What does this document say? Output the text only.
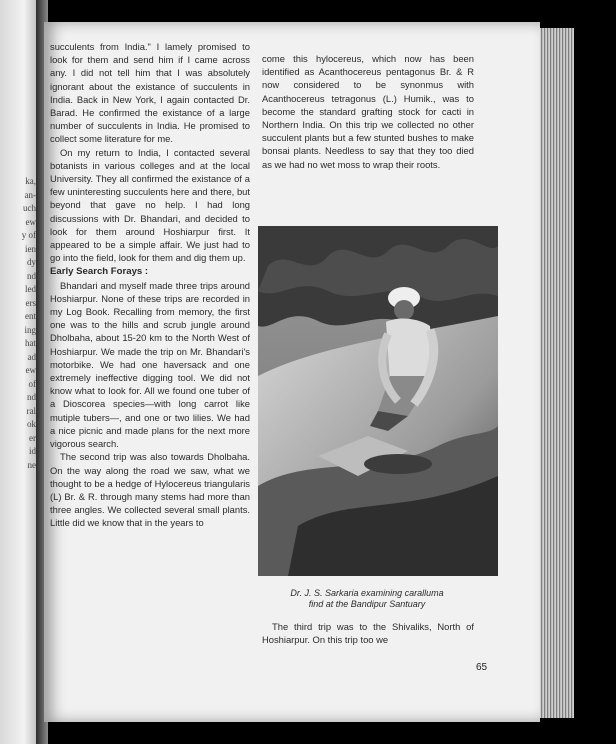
ka,
an-
uch
ew
y of
ien
dy
nd
led
ers
ent
ing
hat
ad
ew
of
nd
ral
ok
er
id
ne

succulents from India." I lamely promised to look for them and send him if I came across any. I did not tell him that I was absolutely ignorant about the existance of succulents in India. Back in New York, I again contacted Dr. Barad. He confirmed the existance of a large number of succulents in India. He promised to collect some literature for me.

On my return to India, I contacted several botanists in various colleges and at the local University. They all confirmed the existance of a few uninteresting succulents here and there, but beyond that gave no help. I had long discussions with Dr. Bhandari, and decided to look for them around Hoshiarpur first. It appeared to be a simple affair. We just had to go into the field, look for them and dig them up.

Early Search Forays :

Bhandari and myself made three trips around Hoshiarpur. None of these trips are recorded in my Log Book. Recalling from memory, the first one was to the hills and scrub jungle around Dholbaha, about 15-20 km to the North West of Hoshiarpur. We made the trip on Mr. Bhandari's motorbike. We had one haversack and one extremely ineffective digging tool. We did not know what to look for. All we found one tuber of a Dioscorea species—with long carrot like mutiple tubers—, and one or two lilies. We had a nice picnic and made plans for the next more vigorous search.

The second trip was also towards Dholbaha. On the way along the road we saw, what we thought to be a hedge of Hylocereus triangularis (L) Br. & R. through many stems had more than three angles. We collected several small plants. Little did we know that in the years to

come this hylocereus, which now has been identified as Acanthocereus pentagonus Br. & R now considered to be synonmus with Acanthocereus tetragonus (L.) Humik., was to become the standard grafting stock for cacti in Northern India. On this trip we collected no other succulent plants but a few stunted bushes to make bonsai plants. Needless to say that they too died as we had no wet moss to wrap their roots.

Dr. J. S. Sarkaria examining caralluma
find at the Bandipur Santuary

The third trip was to the Shivaliks, North of Hoshiarpur. On this trip too we

65
